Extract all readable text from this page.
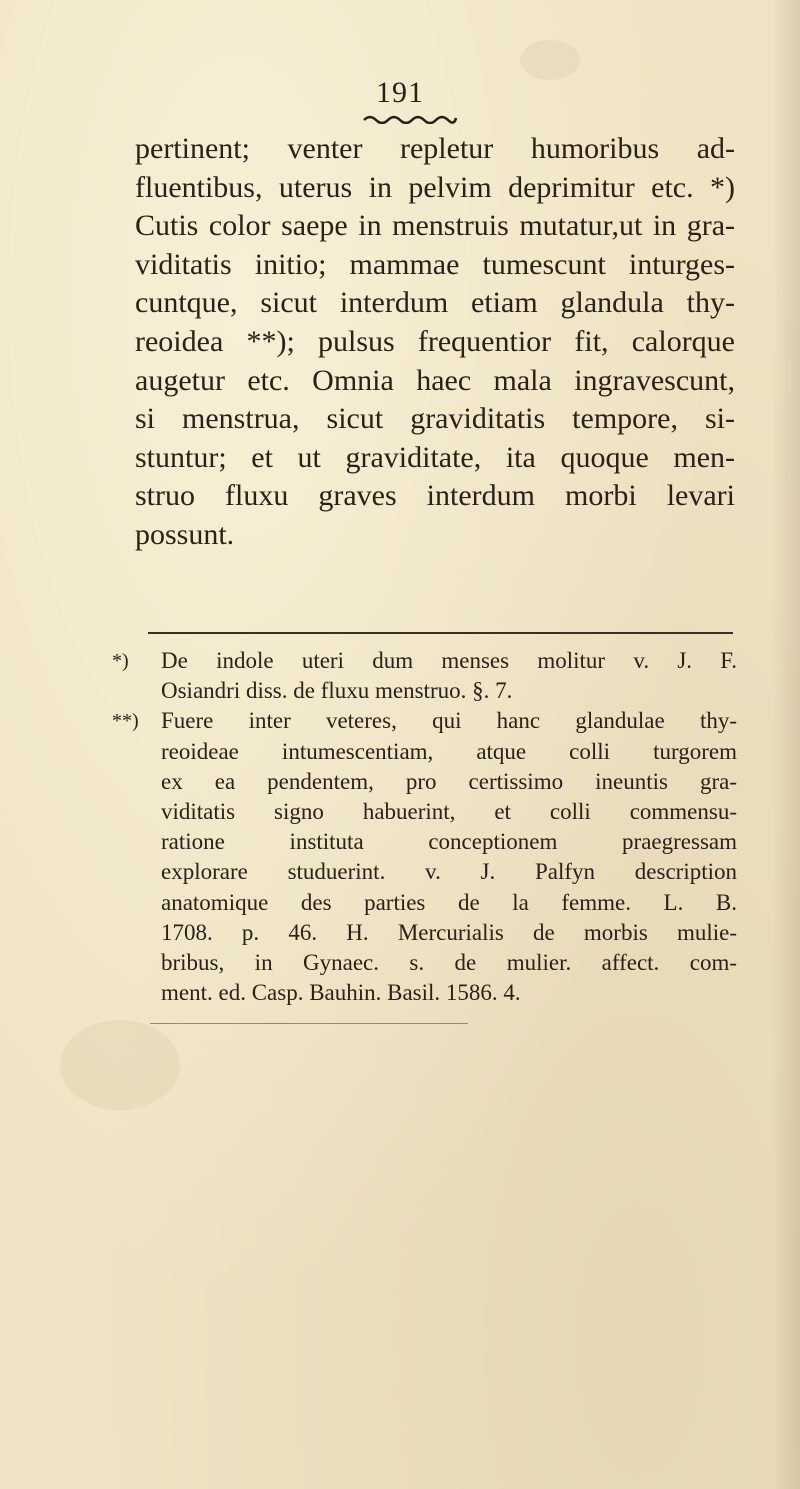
191
pertinent; venter repletur humoribus ad-
fluentibus, uterus in pelvim deprimitur etc. *)
Cutis color saepe in menstruis mutatur,ut in gra-
viditatis initio; mammae tumescunt inturges-
cuntque, sicut interdum etiam glandula thy-
reoidea **); pulsus frequentior fit, calorque
augetur etc. Omnia haec mala ingravescunt,
si menstrua, sicut graviditatis tempore, si-
stuntur; et ut graviditate, ita quoque men-
struo fluxu graves interdum morbi levari
possunt.
*)	De indole uteri dum menses molitur v. J. F.
Osiandri diss. de fluxu menstruo. §. 7.
**) Fuere inter veteres, qui hanc glandulae thy-
reoideae intumescentiam, atque colli turgorem
ex ea pendentem, pro certissimo ineuntis gra-
viditatis signo habuerint, et colli commensu-
ratione instituta conceptionem praegressam
explorare studuerint. v. J. Palfyn description
anatomique des parties de la femme. L. B.
1708. p. 46. H. Mercurialis de morbis mulie-
bribus, in Gynaec. s. de mulier. affect. com-
ment. ed. Casp. Bauhin. Basil. 1586. 4.
